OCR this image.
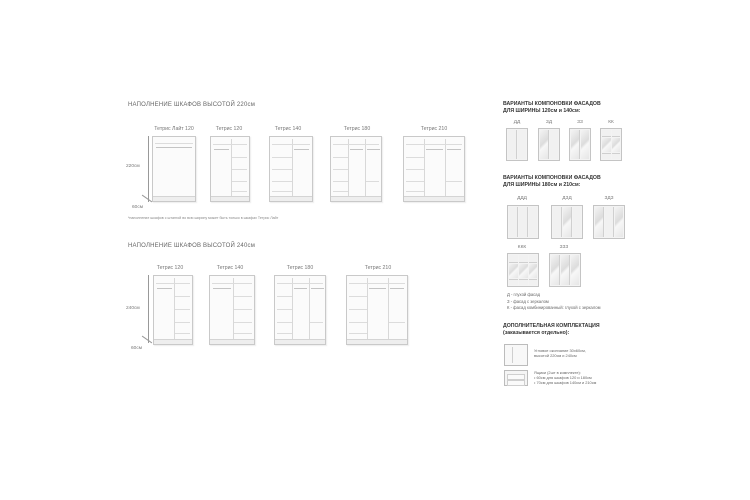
НАПОЛНЕНИЕ ШКАФОВ ВЫСОТОЙ 220см
Тетрис Лайт 120	Тетрис 120	Тетрис 140	Тетрис 180	Тетрис 210
220см
60см
*наполнение шкафов с штангой во всю ширину может быть только в шкафах Тетрис Лайт
НАПОЛНЕНИЕ ШКАФОВ ВЫСОТОЙ 240см
Тетрис 120	Тетрис 140	Тетрис 180	Тетрис 210
240см
60см
ВАРИАНТЫ КОМПОНОВКИ ФАСАДОВ
ДЛЯ ШИРИНЫ 120см и 140см:
ДД	ЗД	ЗЗ	КК
ВАРИАНТЫ КОМПОНОВКИ ФАСАДОВ
ДЛЯ ШИРИНЫ 180см и 210см:
ДДД	ДЗД	ЗДЗ
ККК	ЗЗЗ
Д - глухой фасад
З - фасад с зеркалом
К - фасад комбинированный: глухой с зеркалом
ДОПОЛНИТЕЛЬНАЯ КОМПЛЕКТАЦИЯ
(заказывается отдельно):
Угловое окончание 30x60см,
высотой 220см и 240см
Ящики (2шт в комплекте):
• 60см для шкафов 120 и 180см
• 70см для шкафов 140см и 210см
